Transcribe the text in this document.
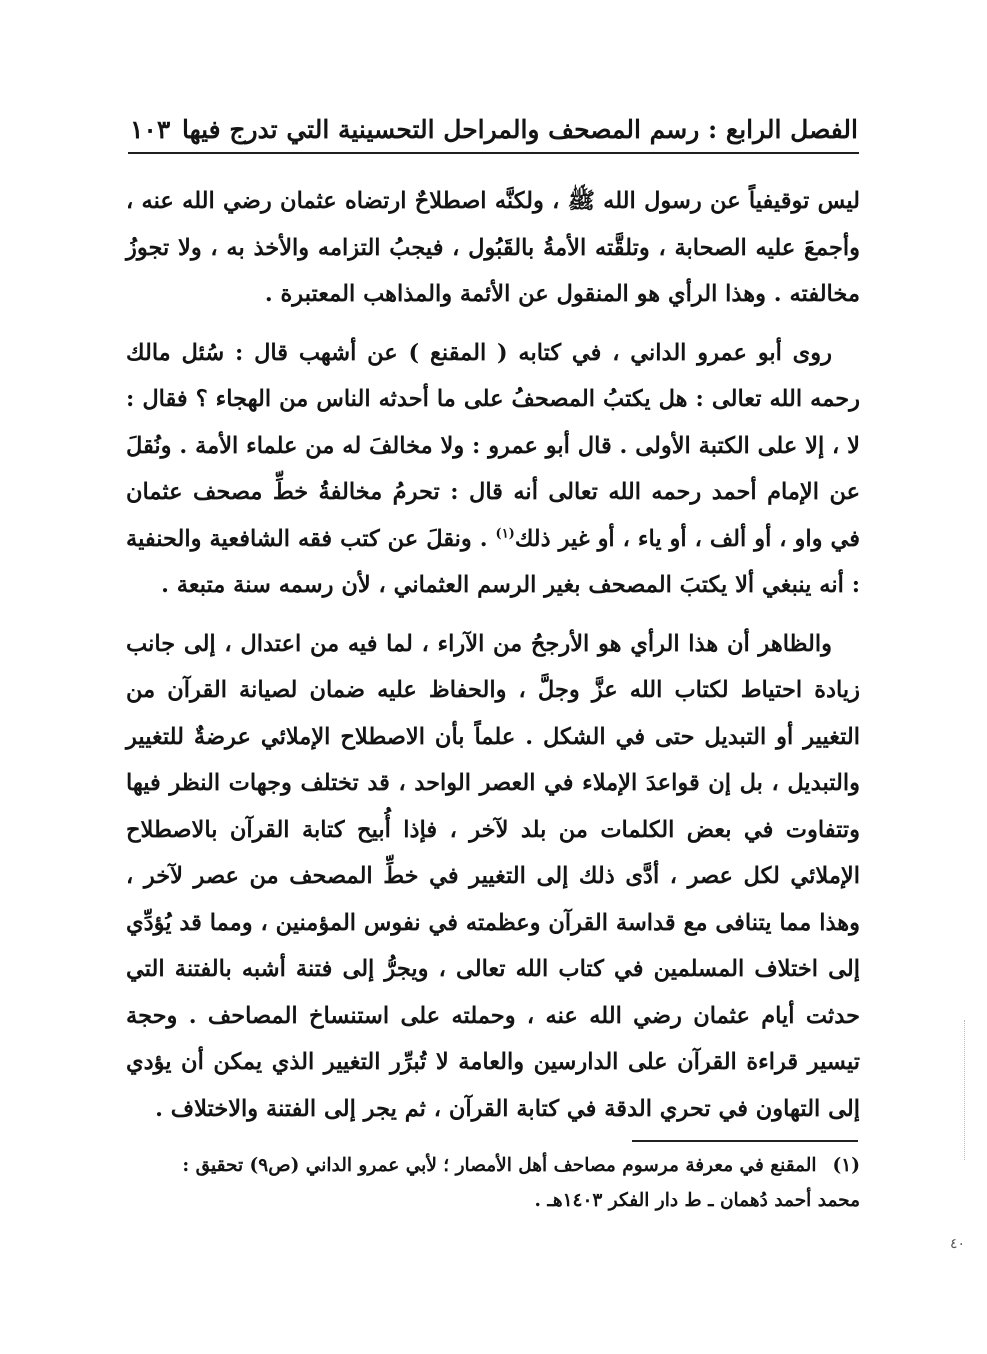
الفصل الرابع : رسم المصحف والمراحل التحسينية التي تدرج فيها
١٠٣

ليس توقيفياً عن رسول الله ﷺ ، ولكنَّه اصطلاحٌ ارتضاه عثمان رضي الله عنه ، وأجمعَ عليه الصحابة ، وتلقَّته الأمةُ بالقَبُول ، فيجبُ التزامه والأخذ به ، ولا تجوزُ مخالفته . وهذا الرأي هو المنقول عن الأئمة والمذاهب المعتبرة .

روى أبو عمرو الداني ، في كتابه ( المقنع ) عن أشهب قال : سُئل مالك رحمه الله تعالى : هل يكتبُ المصحفُ على ما أحدثه الناس من الهجاء ؟ فقال : لا ، إلا على الكتبة الأولى . قال أبو عمرو : ولا مخالفَ له من علماء الأمة . ونُقلَ عن الإمام أحمد رحمه الله تعالى أنه قال : تحرمُ مخالفةُ خطِّ مصحف عثمان في واو ، أو ألف ، أو ياء ، أو غير ذلك$^{(١)}$ . ونقلَ عن كتب فقه الشافعية والحنفية : أنه ينبغي ألا يكتبَ المصحف بغير الرسم العثماني ، لأن رسمه سنة متبعة .

والظاهر أن هذا الرأي هو الأرجحُ من الآراء ، لما فيه من اعتدال ، إلى جانب زيادة احتياط لكتاب الله عزَّ وجلَّ ، والحفاظ عليه ضمان لصيانة القرآن من التغيير أو التبديل حتى في الشكل . علماً بأن الاصطلاح الإملائي عرضةٌ للتغيير والتبديل ، بل إن قواعدَ الإملاء في العصر الواحد ، قد تختلف وجهات النظر فيها وتتفاوت في بعض الكلمات من بلد لآخر ، فإذا أُبيح كتابة القرآن بالاصطلاح الإملائي لكل عصر ، أدَّى ذلك إلى التغيير في خطِّ المصحف من عصر لآخر ، وهذا مما يتنافى مع قداسة القرآن وعظمته في نفوس المؤمنين ، ومما قد يُؤدِّي إلى اختلاف المسلمين في كتاب الله تعالى ، ويجرُّ إلى فتنة أشبه بالفتنة التي حدثت أيام عثمان رضي الله عنه ، وحملته على استنساخ المصاحف . وحجة تيسير قراءة القرآن على الدارسين والعامة لا تُبرِّر التغيير الذي يمكن أن يؤدي إلى التهاون في تحري الدقة في كتابة القرآن ، ثم يجر إلى الفتنة والاختلاف .

(١)المقنع في معرفة مرسوم مصاحف أهل الأمصار ؛ لأبي عمرو الداني (ص٩) تحقيق :
محمد أحمد دُهمان ـ ط دار الفكر ١٤٠٣هـ .
٤٠
